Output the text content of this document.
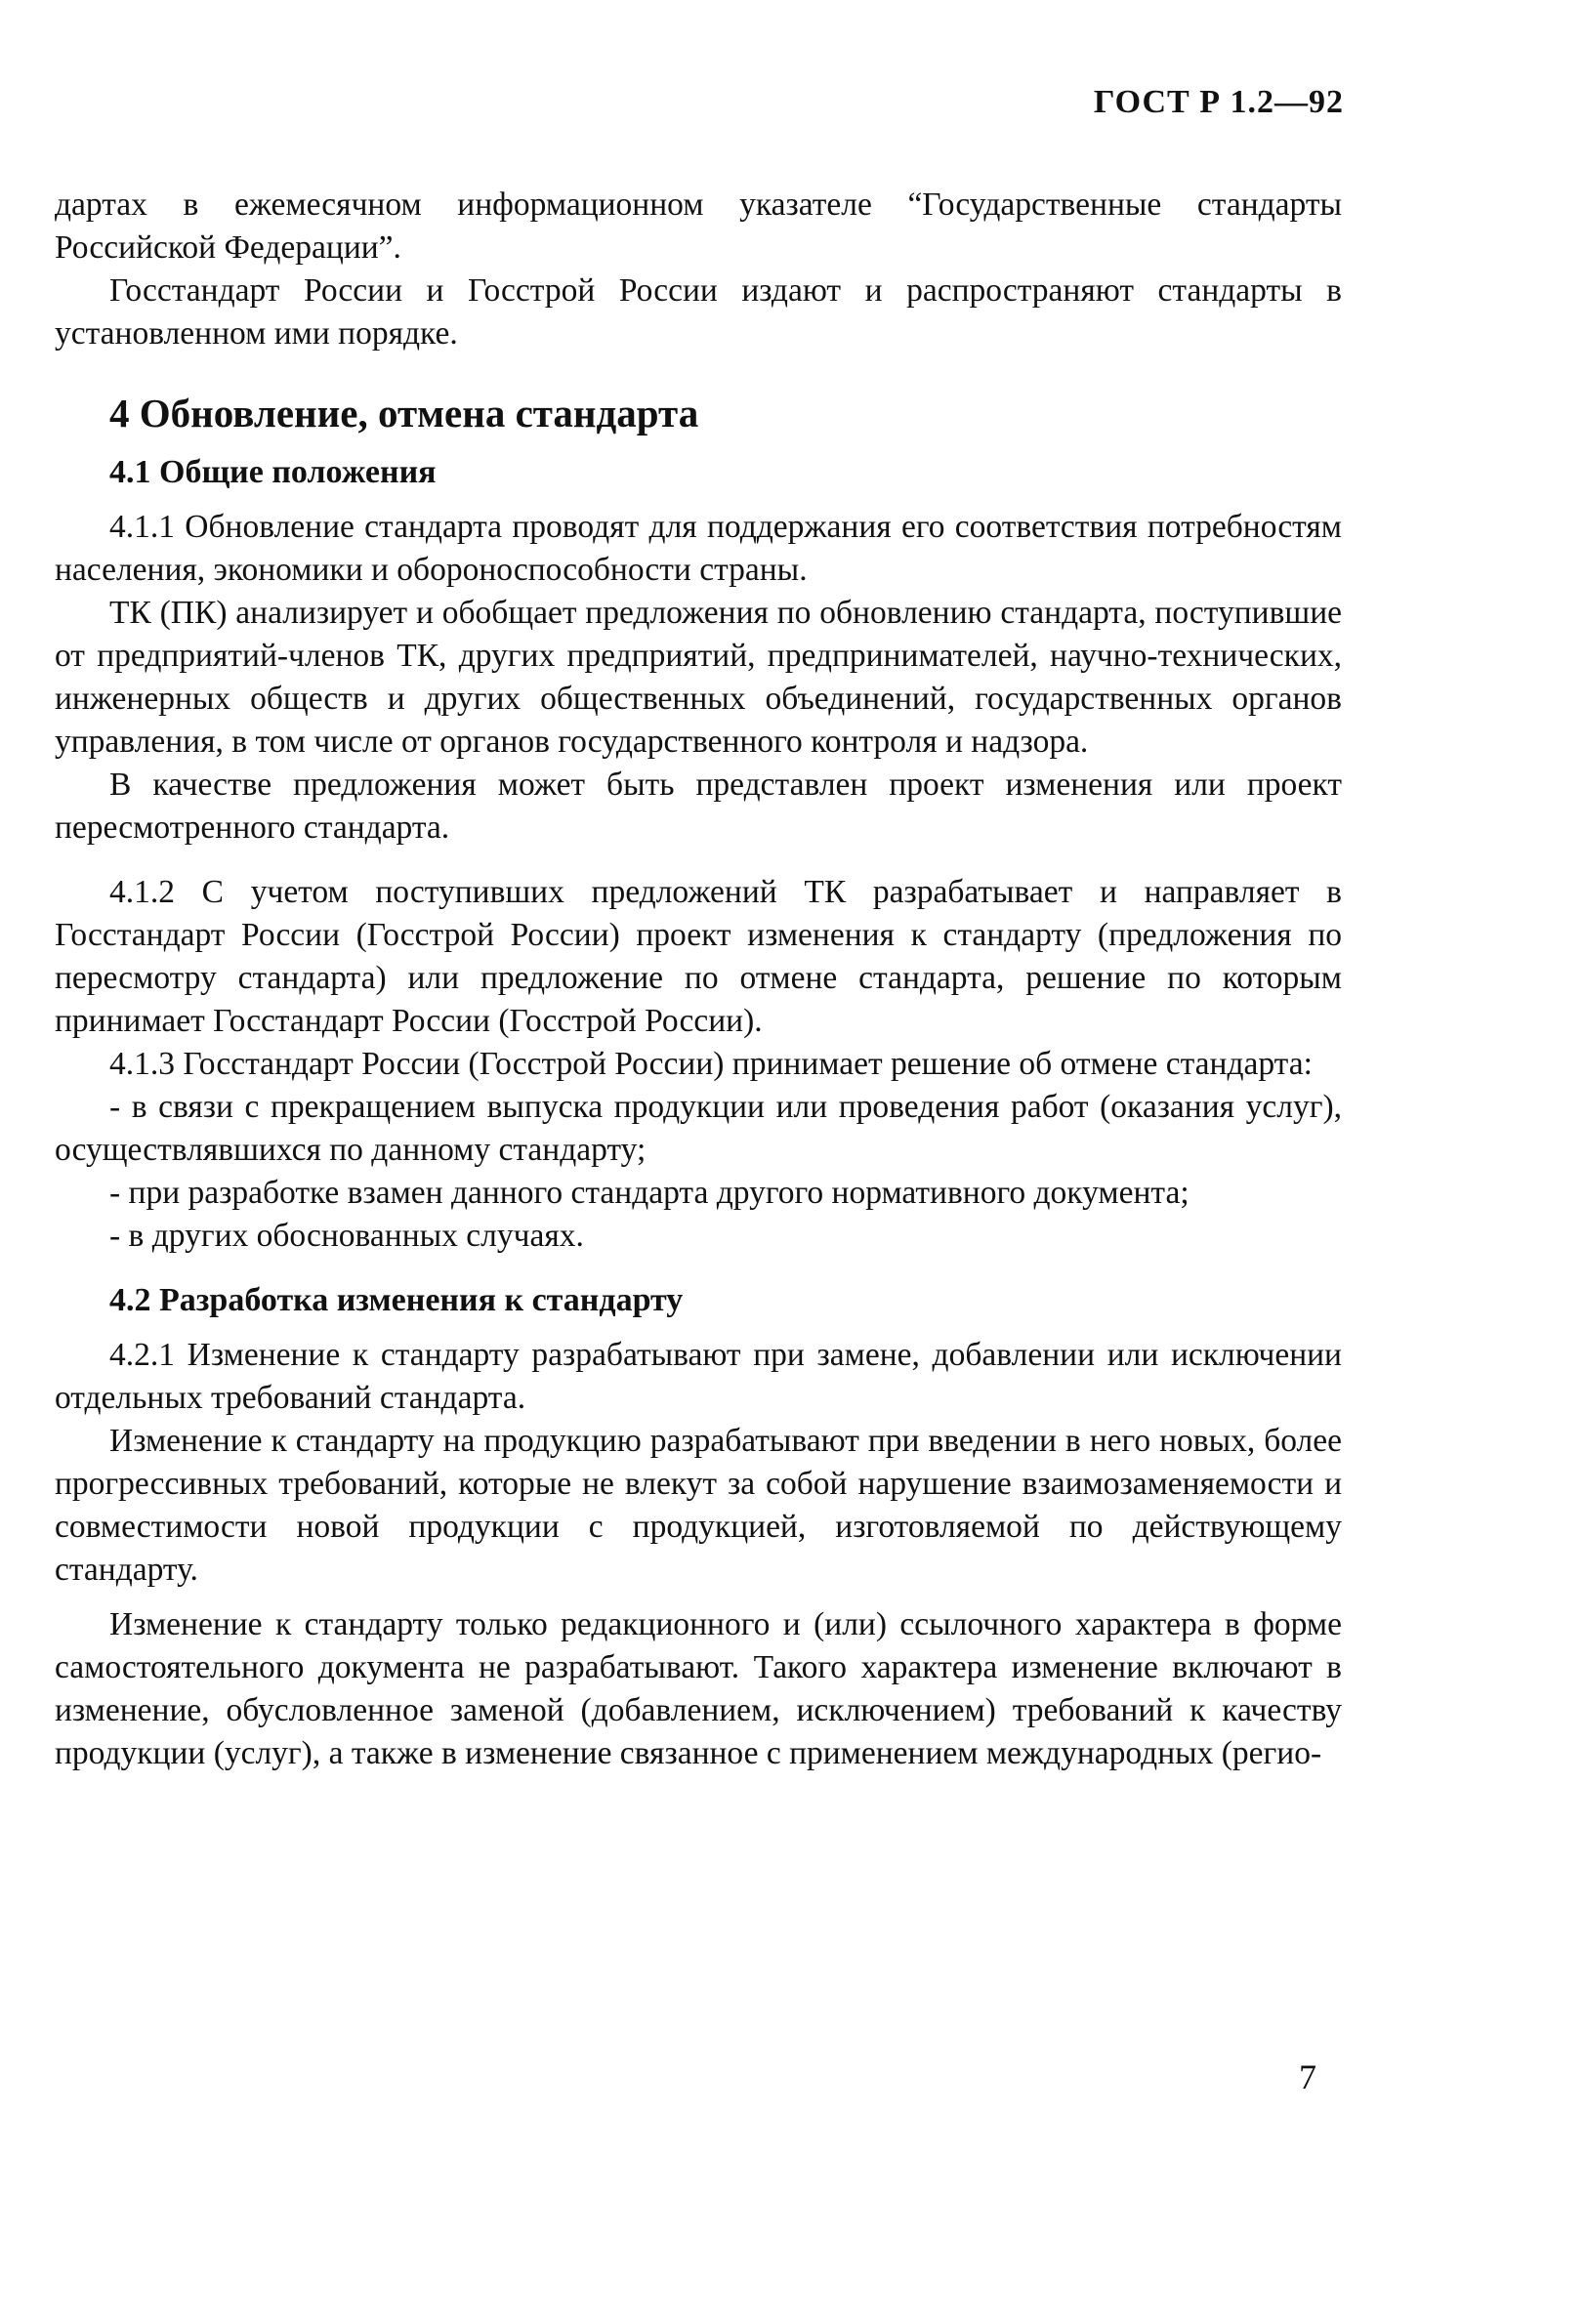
ГОСТ Р 1.2—92

дартах в ежемесячном информационном указателе “Государственные стандарты Российской Федерации”.

Госстандарт России и Госстрой России издают и распространяют стандарты в установленном ими порядке.

4 Обновление, отмена стандарта
4.1 Общие положения

4.1.1 Обновление стандарта проводят для поддержания его соответствия потребностям населения, экономики и обороноспособности страны.

ТК (ПК) анализирует и обобщает предложения по обновлению стандарта, поступившие от предприятий-членов ТК, других предприятий, предпринимателей, научно-технических, инженерных обществ и других общественных объединений, государственных органов управления, в том числе от органов государственного контроля и надзора.

В качестве предложения может быть представлен проект изменения или проект пересмотренного стандарта.

4.1.2 С учетом поступивших предложений ТК разрабатывает и направляет в Госстандарт России (Госстрой России) проект изменения к стандарту (предложения по пересмотру стандарта) или предложение по отмене стандарта, решение по которым принимает Госстандарт России (Госстрой России).

4.1.3 Госстандарт России (Госстрой России) принимает решение об отмене стандарта:

- в связи с прекращением выпуска продукции или проведения работ (оказания услуг), осуществлявшихся по данному стандарту;

- при разработке взамен данного стандарта другого нормативного документа;

- в других обоснованных случаях.

4.2 Разработка изменения к стандарту

4.2.1 Изменение к стандарту разрабатывают при замене, добавлении или исключении отдельных требований стандарта.

Изменение к стандарту на продукцию разрабатывают при введении в него новых, более прогрессивных требований, которые не влекут за собой нарушение взаимозаменяемости и совместимости новой продукции с продукцией, изготовляемой по действующему стандарту.

Изменение к стандарту только редакционного и (или) ссылочного характера в форме самостоятельного документа не разрабатывают. Такого характера изменение включают в изменение, обусловленное заменой (добавлением, исключением) требований к качеству продукции (услуг), а также в изменение связанное с применением международных (регио-

7
